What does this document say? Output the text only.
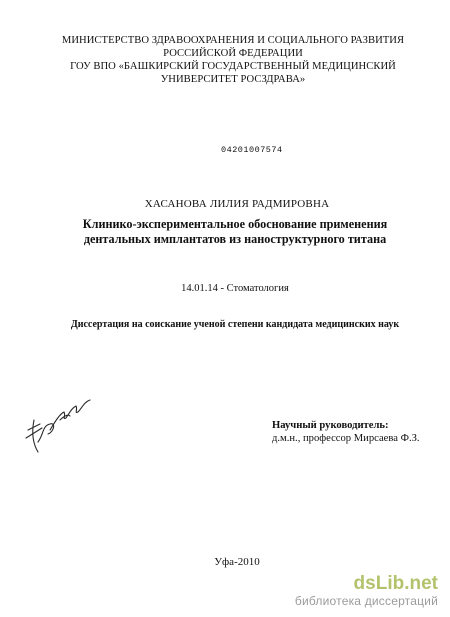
МИНИСТЕРСТВО ЗДРАВООХРАНЕНИЯ И СОЦИАЛЬНОГО РАЗВИТИЯ
РОССИЙСКОЙ ФЕДЕРАЦИИ
ГОУ ВПО «БАШКИРСКИЙ ГОСУДАРСТВЕННЫЙ МЕДИЦИНСКИЙ
УНИВЕРСИТЕТ РОСЗДРАВА»
04201007574
ХАСАНОВА ЛИЛИЯ РАДМИРОВНА
Клинико-экспериментальное обоснование применения
дентальных имплантатов из наноструктурного титана
14.01.14 - Стоматология
Диссертация на соискание ученой степени кандидата медицинских наук
Научный руководитель:
д.м.н., профессор Мирсаева Ф.З.
Уфа-2010
dsLib.net
библиотека диссертаций
